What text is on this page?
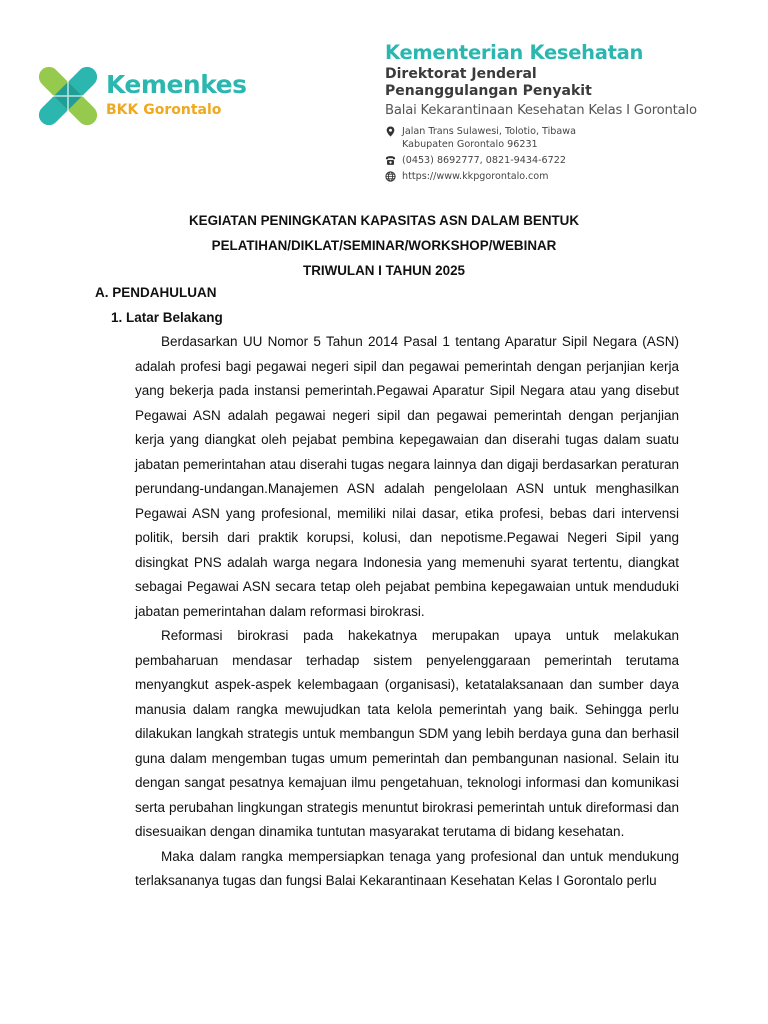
Kemenkes
BKK Gorontalo
Kementerian Kesehatan
Direktorat Jenderal
Penanggulangan Penyakit
Balai Kekarantinaan Kesehatan Kelas I Gorontalo
Jalan Trans Sulawesi, Tolotio, Tibawa
Kabupaten Gorontalo 96231
(0453) 8692777, 0821-9434-6722
https://www.kkpgorontalo.com
KEGIATAN PENINGKATAN KAPASITAS ASN DALAM BENTUK
PELATIHAN/DIKLAT/SEMINAR/WORKSHOP/WEBINAR
TRIWULAN I TAHUN 2025
A. PENDAHULUAN
1. Latar Belakang

Berdasarkan UU Nomor 5 Tahun 2014 Pasal 1 tentang Aparatur Sipil Negara (ASN) adalah profesi bagi pegawai negeri sipil dan pegawai pemerintah dengan perjanjian kerja yang bekerja pada instansi pemerintah.Pegawai Aparatur Sipil Negara atau yang disebut Pegawai ASN adalah pegawai negeri sipil dan pegawai pemerintah dengan perjanjian kerja yang diangkat oleh pejabat pembina kepegawaian dan diserahi tugas dalam suatu jabatan pemerintahan atau diserahi tugas negara lainnya dan digaji berdasarkan peraturan perundang-undangan.Manajemen ASN adalah pengelolaan ASN untuk menghasilkan Pegawai ASN yang profesional, memiliki nilai dasar, etika profesi, bebas dari intervensi politik, bersih dari praktik korupsi, kolusi, dan nepotisme.Pegawai Negeri Sipil yang disingkat PNS adalah warga negara Indonesia yang memenuhi syarat tertentu, diangkat sebagai Pegawai ASN secara tetap oleh pejabat pembina kepegawaian untuk menduduki jabatan pemerintahan dalam reformasi birokrasi.

Reformasi birokrasi pada hakekatnya merupakan upaya untuk melakukan pembaharuan mendasar terhadap sistem penyelenggaraan pemerintah terutama menyangkut aspek-aspek kelembagaan (organisasi), ketatalaksanaan dan sumber daya manusia dalam rangka mewujudkan tata kelola pemerintah yang baik. Sehingga perlu dilakukan langkah strategis untuk membangun SDM yang lebih berdaya guna dan berhasil guna dalam mengemban tugas umum pemerintah dan pembangunan nasional. Selain itu dengan sangat pesatnya kemajuan ilmu pengetahuan, teknologi informasi dan komunikasi serta perubahan lingkungan strategis menuntut birokrasi pemerintah untuk direformasi dan disesuaikan dengan dinamika tuntutan masyarakat terutama di bidang kesehatan.

Maka dalam rangka mempersiapkan tenaga yang profesional dan untuk mendukung terlaksananya tugas dan fungsi Balai Kekarantinaan Kesehatan Kelas I Gorontalo perlu
